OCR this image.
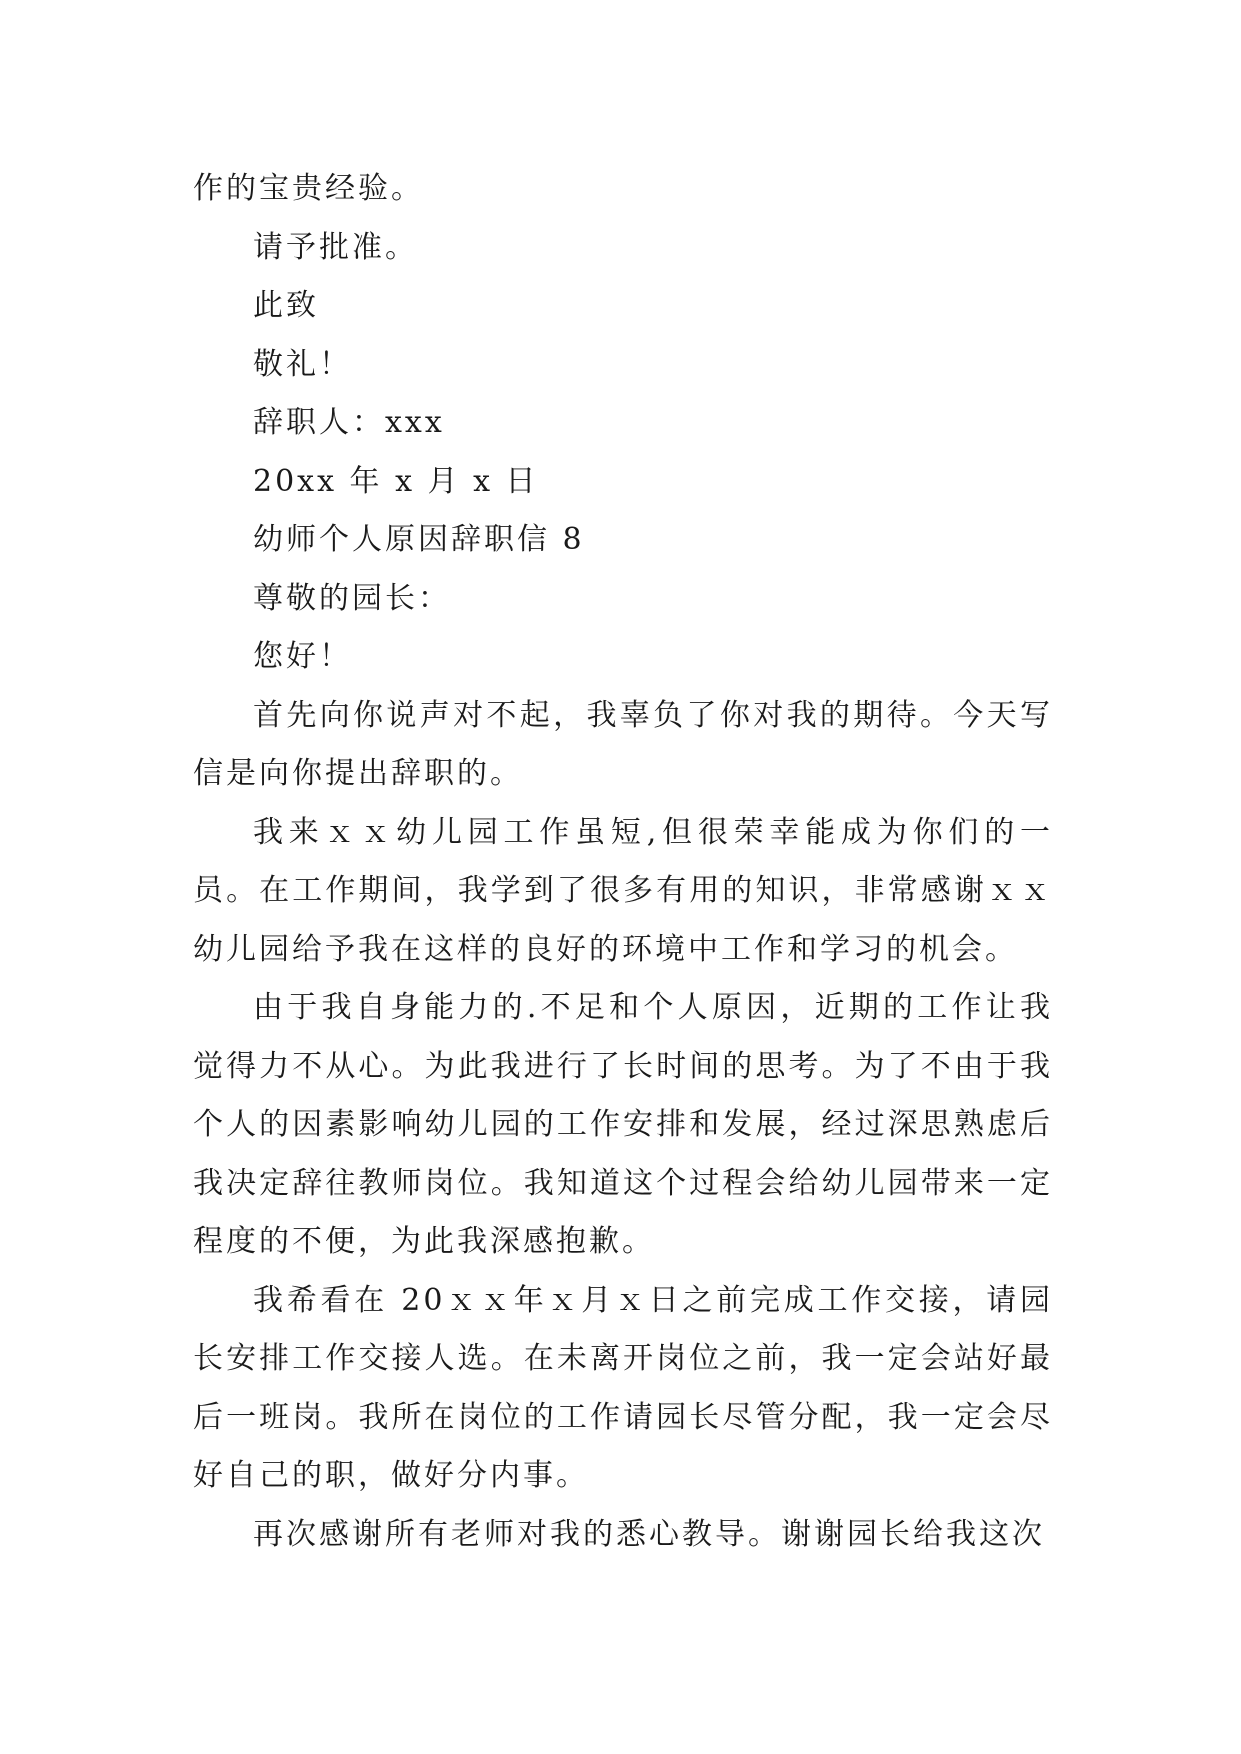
作的宝贵经验。

请予批准。

此致

敬礼！

辞职人：xxx

20xx 年 x 月 x 日

幼师个人原因辞职信 8

尊敬的园长：

您好！

首先向你说声对不起，我辜负了你对我的期待。今天写信是向你提出辞职的。

我来ｘｘ幼儿园工作虽短,但很荣幸能成为你们的一员。在工作期间，我学到了很多有用的知识，非常感谢ｘｘ幼儿园给予我在这样的良好的环境中工作和学习的机会。

由于我自身能力的.不足和个人原因，近期的工作让我觉得力不从心。为此我进行了长时间的思考。为了不由于我个人的因素影响幼儿园的工作安排和发展，经过深思熟虑后我决定辞往教师岗位。我知道这个过程会给幼儿园带来一定程度的不便，为此我深感抱歉。

我希看在 20ｘｘ年ｘ月ｘ日之前完成工作交接，请园长安排工作交接人选。在未离开岗位之前，我一定会站好最后一班岗。我所在岗位的工作请园长尽管分配，我一定会尽好自己的职，做好分内事。

再次感谢所有老师对我的悉心教导。谢谢园长给我这次
